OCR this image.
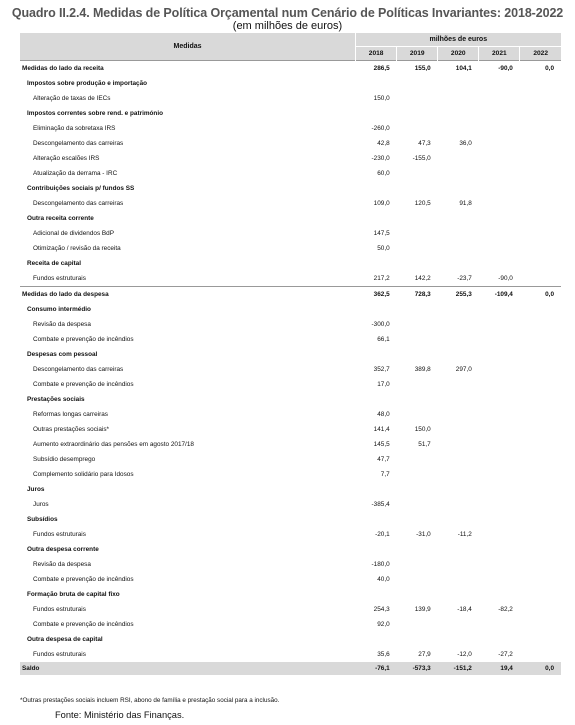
Quadro II.2.4. Medidas de Política Orçamental num Cenário de Políticas Invariantes: 2018-2022
(em milhões de euros)
Medidas	milhões de euros				
	2018	2019	2020	2021	2022
Medidas do lado da receita	286,5	155,0	104,1	-90,0	0,0
Impostos sobre produção e importação					
Alteração de taxas de IECs	150,0				
Impostos correntes sobre rend. e património					
Eliminação da sobretaxa IRS	-260,0				
Descongelamento das carreiras	42,8	47,3	36,0		
Alteração escalões IRS	-230,0	-155,0			
Atualização da derrama - IRC	60,0				
Contribuições sociais p/ fundos SS					
Descongelamento das carreiras	109,0	120,5	91,8		
Outra receita corrente					
Adicional de dividendos BdP	147,5				
Otimização / revisão da receita	50,0				
Receita de capital					
Fundos estruturais	217,2	142,2	-23,7	-90,0	
Medidas do lado da despesa	362,5	728,3	255,3	-109,4	0,0
Consumo intermédio					
Revisão da despesa	-300,0				
Combate e prevenção de incêndios	66,1				
Despesas com pessoal					
Descongelamento das carreiras	352,7	389,8	297,0		
Combate e prevenção de incêndios	17,0				
Prestações sociais					
Reformas longas carreiras	48,0				
Outras prestações sociais*	141,4	150,0			
Aumento extraordinário das pensões em agosto 2017/18	145,5	51,7			
Subsídio desemprego	47,7				
Complemento solidário para Idosos	7,7				
Juros					
Juros	-385,4				
Subsídios					
Fundos estruturais	-20,1	-31,0	-11,2		
Outra despesa corrente					
Revisão da despesa	-180,0				
Combate e prevenção de incêndios	40,0				
Formação bruta de capital fixo					
Fundos estruturais	254,3	139,9	-18,4	-82,2	
Combate e prevenção de incêndios	92,0				
Outra despesa de capital					
Fundos estruturais	35,6	27,9	-12,0	-27,2	
Saldo	-76,1	-573,3	-151,2	19,4	0,0
*Outras prestações sociais incluem RSI, abono de família e prestação social para a inclusão.
Fonte: Ministério das Finanças.
